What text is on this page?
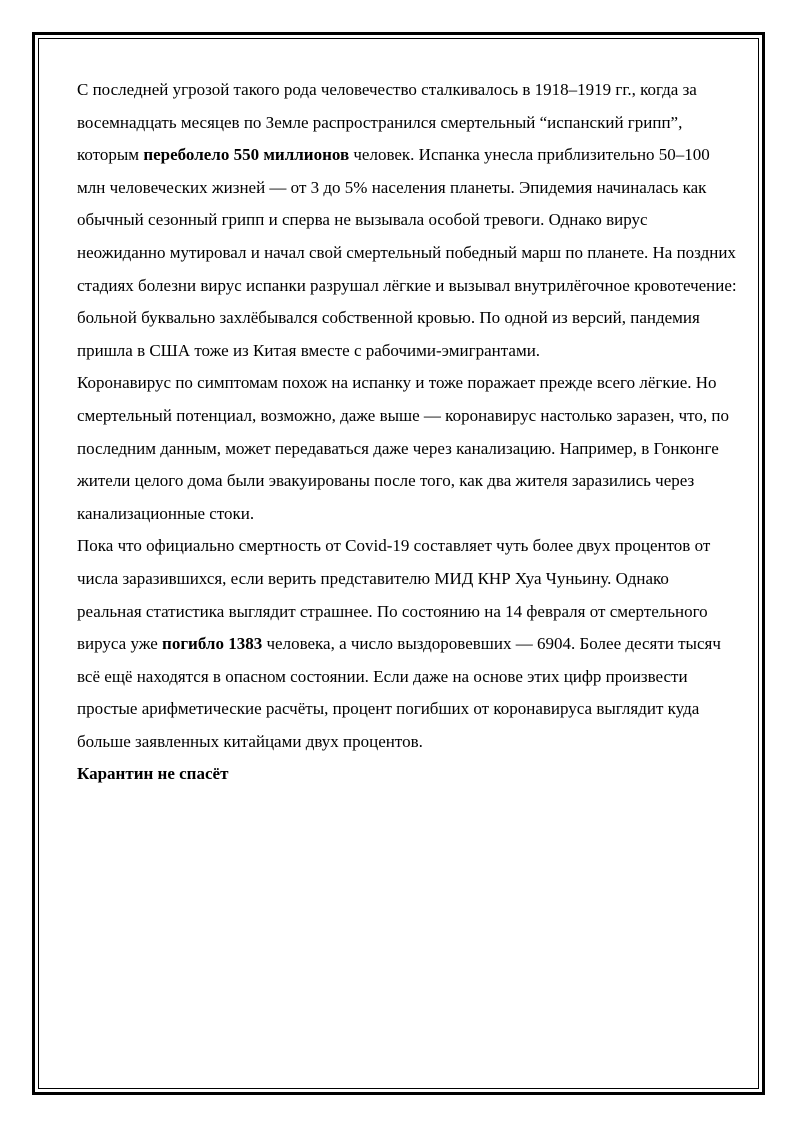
С последней угрозой такого рода человечество сталкивалось в 1918–1919 гг., когда за восемнадцать месяцев по Земле распространился смертельный “испанский грипп”, которым переболело 550 миллионов человек. Испанка унесла приблизительно 50–100 млн человеческих жизней — от 3 до 5% населения планеты. Эпидемия начиналась как обычный сезонный грипп и сперва не вызывала особой тревоги. Однако вирус неожиданно мутировал и начал свой смертельный победный марш по планете. На поздних стадиях болезни вирус испанки разрушал лёгкие и вызывал внутрилёгочное кровотечение: больной буквально захлёбывался собственной кровью. По одной из версий, пандемия пришла в США тоже из Китая вместе с рабочими-эмигрантами.

Коронавирус по симптомам похож на испанку и тоже поражает прежде всего лёгкие. Но смертельный потенциал, возможно, даже выше — коронавирус настолько заразен, что, по последним данным, может передаваться даже через канализацию. Например, в Гонконге жители целого дома были эвакуированы после того, как два жителя заразились через канализационные стоки.

Пока что официально смертность от Covid-19 составляет чуть более двух процентов от числа заразившихся, если верить представителю МИД КНР Хуа Чуньину. Однако реальная статистика выглядит страшнее. По состоянию на 14 февраля от смертельного вируса уже погибло 1383 человека, а число выздоровевших — 6904. Более десяти тысяч всё ещё находятся в опасном состоянии. Если даже на основе этих цифр произвести простые арифметические расчёты, процент погибших от коронавируса выглядит куда больше заявленных китайцами двух процентов.

Карантин не спасёт
